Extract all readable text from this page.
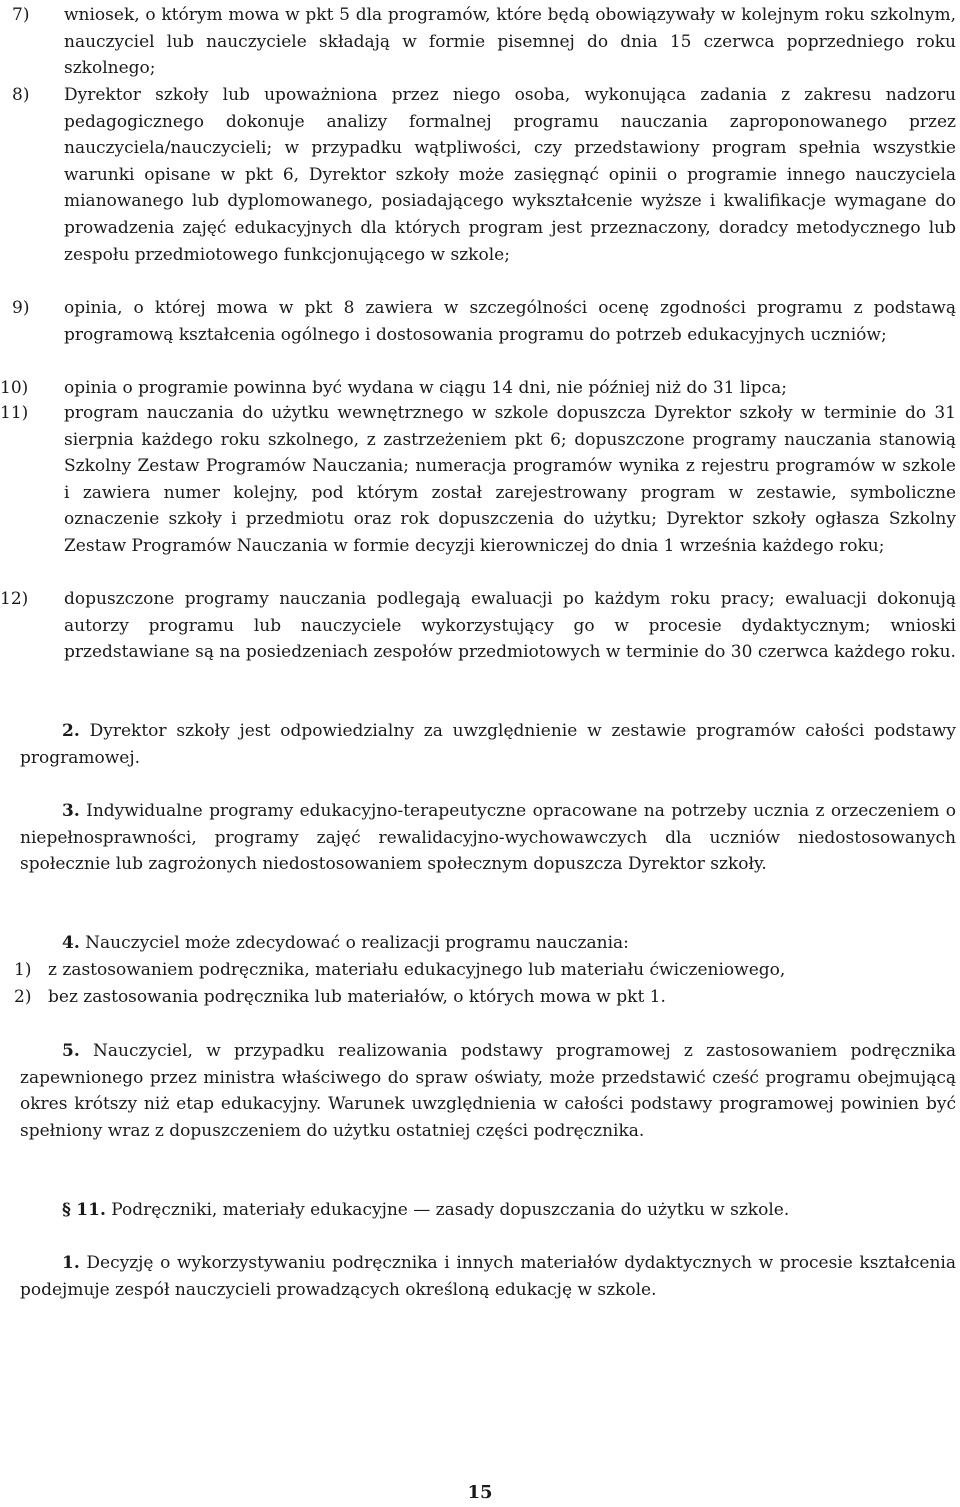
7) wniosek, o którym mowa w pkt 5 dla programów, które będą obowiązywały w kolejnym roku szkolnym, nauczyciel lub nauczyciele składają w formie pisemnej do dnia 15 czerwca poprzedniego roku szkolnego;
8) Dyrektor szkoły lub upoważniona przez niego osoba, wykonująca zadania z zakresu nadzoru pedagogicznego dokonuje analizy formalnej programu nauczania zaproponowanego przez nauczyciela/nauczycieli; w przypadku wątpliwości, czy przedstawiony program spełnia wszystkie warunki opisane w pkt 6, Dyrektor szkoły może zasięgnąć opinii o programie innego nauczyciela mianowanego lub dyplomowanego, posiadającego wykształcenie wyższe i kwalifikacje wymagane do prowadzenia zajęć edukacyjnych dla których program jest przeznaczony, doradcy metodycznego lub zespołu przedmiotowego funkcjonującego w szkole;
9) opinia, o której mowa w pkt 8 zawiera w szczególności ocenę zgodności programu z podstawą programową kształcenia ogólnego i dostosowania programu do potrzeb edukacyjnych uczniów;
10) opinia o programie powinna być wydana w ciągu 14 dni, nie później niż do 31 lipca;
11) program nauczania do użytku wewnętrznego w szkole dopuszcza Dyrektor szkoły w terminie do 31 sierpnia każdego roku szkolnego, z zastrzeżeniem pkt 6; dopuszczone programy nauczania stanowią Szkolny Zestaw Programów Nauczania; numeracja programów wynika z rejestru programów w szkole i zawiera numer kolejny, pod którym został zarejestrowany program w zestawie, symboliczne oznaczenie szkoły i przedmiotu oraz rok dopuszczenia do użytku; Dyrektor szkoły ogłasza Szkolny Zestaw Programów Nauczania w formie decyzji kierowniczej do dnia 1 września każdego roku;
12) dopuszczone programy nauczania podlegają ewaluacji po każdym roku pracy; ewaluacji dokonują autorzy programu lub nauczyciele wykorzystujący go w procesie dydaktycznym; wnioski przedstawiane są na posiedzeniach zespołów przedmiotowych w terminie do 30 czerwca każdego roku.
2. Dyrektor szkoły jest odpowiedzialny za uwzględnienie w zestawie programów całości podstawy programowej.
3. Indywidualne programy edukacyjno-terapeutyczne opracowane na potrzeby ucznia z orzeczeniem o niepełnosprawności, programy zajęć rewalidacyjno-wychowawczych dla uczniów niedostosowanych społecznie lub zagrożonych niedostosowaniem społecznym dopuszcza Dyrektor szkoły.
4. Nauczyciel może zdecydować o realizacji programu nauczania:
1) z zastosowaniem podręcznika, materiału edukacyjnego lub materiału ćwiczeniowego,
2) bez zastosowania podręcznika lub materiałów, o których mowa w pkt 1.
5. Nauczyciel, w przypadku realizowania podstawy programowej z zastosowaniem podręcznika zapewnionego przez ministra właściwego do spraw oświaty, może przedstawić cześć programu obejmującą okres krótszy niż etap edukacyjny. Warunek uwzględnienia w całości podstawy programowej powinien być spełniony wraz z dopuszczeniem do użytku ostatniej części podręcznika.
§ 11. Podręczniki, materiały edukacyjne — zasady dopuszczania do użytku w szkole.
1. Decyzję o wykorzystywaniu podręcznika i innych materiałów dydaktycznych w procesie kształcenia podejmuje zespół nauczycieli prowadzących określoną edukację w szkole.
15
